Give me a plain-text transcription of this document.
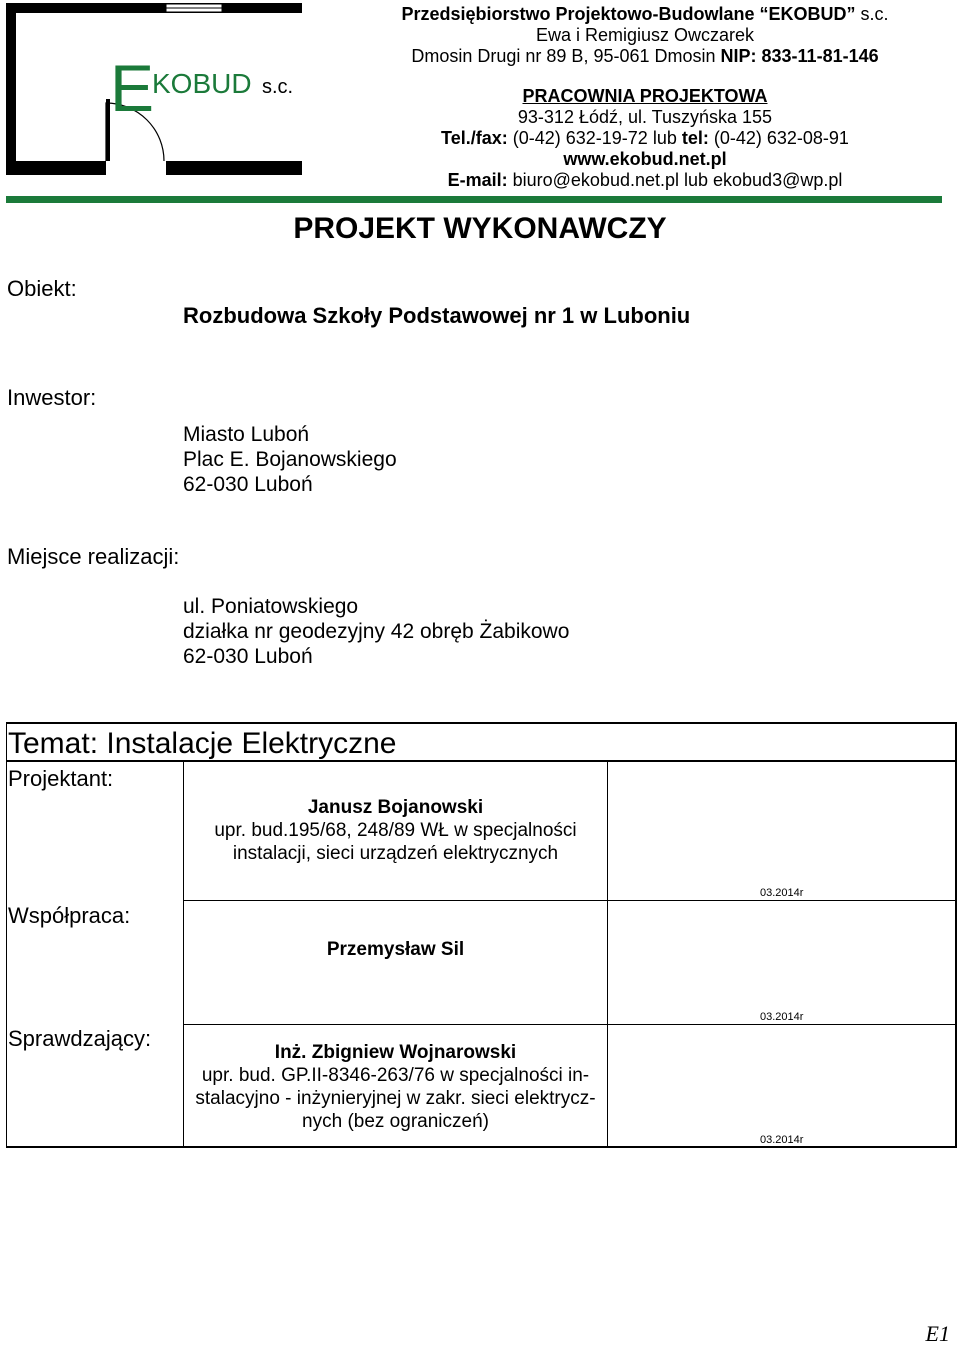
E
KOBUD s.c.
Przedsiębiorstwo Projektowo-Budowlane “EKOBUD” s.c.
Ewa i Remigiusz Owczarek
Dmosin Drugi nr 89 B, 95-061 Dmosin NIP: 833-11-81-146
PRACOWNIA PROJEKTOWA
93-312 Łódź, ul. Tuszyńska 155
Tel./fax: (0-42) 632-19-72 lub tel: (0-42) 632-08-91
www.ekobud.net.pl
E-mail: biuro@ekobud.net.pl lub ekobud3@wp.pl
PROJEKT WYKONAWCZY
Obiekt:
Rozbudowa Szkoły Podstawowej nr 1 w Luboniu
Inwestor:
Miasto Luboń
Plac E. Bojanowskiego
62-030 Luboń
Miejsce realizacji:
ul. Poniatowskiego
działka nr geodezyjny 42 obręb Żabikowo
62-030 Luboń
Temat: Instalacje Elektryczne
Projektant:
Janusz Bojanowski
upr. bud.195/68, 248/89 WŁ w specjalności
instalacji, sieci urządzeń elektrycznych
03.2014r
Współpraca:
Przemysław Sil
03.2014r
Sprawdzający:
Inż. Zbigniew Wojnarowski
upr. bud. GP.II-8346-263/76 w specjalności in-
stalacyjno - inżynieryjnej w zakr. sieci elektrycz-
nych (bez ograniczeń)
03.2014r
E1
